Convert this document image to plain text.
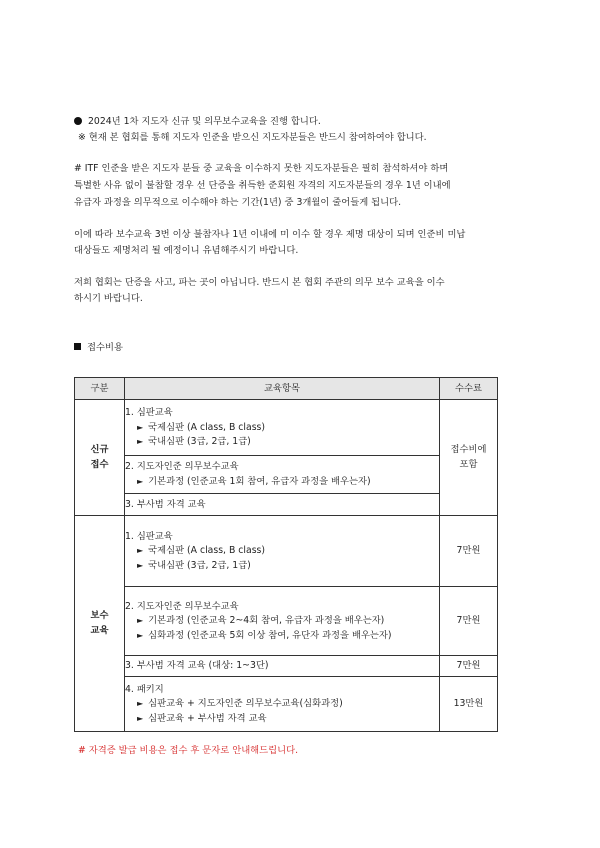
2024년 1차 지도자 신규 및 의무보수교육을 진행 합니다.
※ 현재 본 협회를 통해 지도자 인준을 받으신 지도자분들은 반드시 참여하여야 합니다.
# ITF 인준을 받은 지도자 분들 중 교육을 이수하지 못한 지도자분들은 필히 참석하셔야 하며
특별한 사유 없이 불참할 경우 선 단증을 취득한 준회원 자격의 지도자분들의 경우 1년 이내에
유급자 과정을 의무적으로 이수해야 하는 기간(1년) 중 3개월이 줄어들게 됩니다.
이에 따라 보수교육 3번 이상 불참자나 1년 이내에 미 이수 할 경우 제명 대상이 되며 인준비 미납
대상들도 제명처리 될 예정이니 유념해주시기 바랍니다.
저희 협회는 단증을 사고, 파는 곳이 아닙니다. 반드시 본 협회 주관의 의무 보수 교육을 이수
하시기 바랍니다.
접수비용
구분	교육항목	수수료
신규
접수	1. 심판교육
► 국제심판 (A class, B class)
► 국내심판 (3급, 2급, 1급)	접수비에
포함

	2. 지도자인준 의무보수교육
► 기본과정 (인준교육 1회 참여, 유급자 과정을 배우는자)	

	3. 부사범 자격 교육	
보수
교육	1. 심판교육
► 국제심판 (A class, B class)
► 국내심판 (3급, 2급, 1급)	7만원

	2. 지도자인준 의무보수교육
► 기본과정 (인준교육 2~4회 참여, 유급자 과정을 배우는자)
► 심화과정 (인준교육 5회 이상 참여, 유단자 과정을 배우는자)	7만원
	3. 부사범 자격 교육 (대상: 1~3단)	7만원

	4. 패키지
► 심판교육 + 지도자인준 의무보수교육(심화과정)
► 심판교육 + 부사범 자격 교육	13만원
# 자격증 발급 비용은 접수 후 문자로 안내해드립니다.
